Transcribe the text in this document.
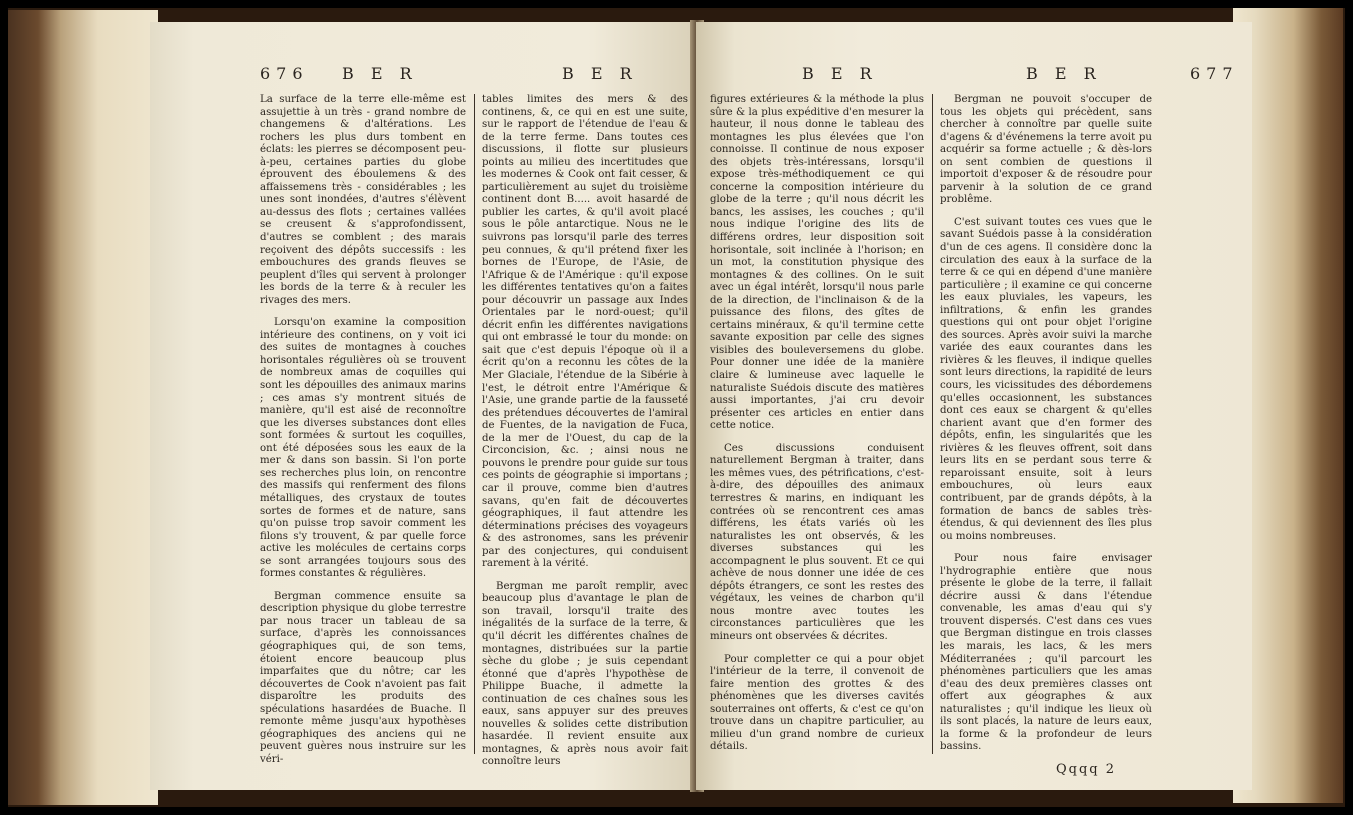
676 B E R	B E R

La surface de la terre elle-même est assujettie à un très - grand nombre de changemens & d'altérations. Les rochers les plus durs tombent en éclats: les pierres se décomposent peu-à-peu, certaines parties du globe éprouvent des éboulemens & des affaissemens très - considérables ; les unes sont inondées, d'autres s'élèvent au-dessus des flots ; certaines vallées se creusent & s'approfondissent, d'autres se comblent ; des marais reçoivent des dépôts successifs : les embouchures des grands fleuves se peuplent d'îles qui servent à prolonger les bords de la terre & à reculer les rivages des mers.

Lorsqu'on examine la composition intérieure des continens, on y voit ici des suites de montagnes à couches horisontales régulières où se trouvent de nombreux amas de coquilles qui sont les dépouilles des animaux marins ; ces amas s'y montrent situés de manière, qu'il est aisé de reconnoître que les diverses substances dont elles sont formées & surtout les coquilles, ont été déposées sous les eaux de la mer & dans son bassin. Si l'on porte ses recherches plus loin, on rencontre des massifs qui renferment des filons métalliques, des crystaux de toutes sortes de formes et de nature, sans qu'on puisse trop savoir comment les filons s'y trouvent, & par quelle force active les molécules de certains corps se sont arrangées toujours sous des formes constantes & régulières.

Bergman commence ensuite sa description physique du globe terrestre par nous tracer un tableau de sa surface, d'après les connoissances géographiques qui, de son tems, étoient encore beaucoup plus imparfaites que du nôtre; car les découvertes de Cook n'avoient pas fait disparoître les produits des spéculations hasardées de Buache. Il remonte même jusqu'aux hypothèses géographiques des anciens qui ne peuvent guères nous instruire sur les véri-

tables limites des mers & des continens, &, ce qui en est une suite, sur le rapport de l'étendue de l'eau & de la terre ferme. Dans toutes ces discussions, il flotte sur plusieurs points au milieu des incertitudes que les modernes & Cook ont fait cesser, & particulièrement au sujet du troisième continent dont B..... avoit hasardé de publier les cartes, & qu'il avoit placé sous le pôle antarctique. Nous ne le suivrons pas lorsqu'il parle des terres peu connues, & qu'il prétend fixer les bornes de l'Europe, de l'Asie, de l'Afrique & de l'Amérique : qu'il expose les différentes tentatives qu'on a faites pour découvrir un passage aux Indes Orientales par le nord-ouest; qu'il décrit enfin les différentes navigations qui ont embrassé le tour du monde: on sait que c'est depuis l'époque où il a écrit qu'on a reconnu les côtes de la Mer Glaciale, l'étendue de la Sibérie à l'est, le détroit entre l'Amérique & l'Asie, une grande partie de la fausseté des prétendues découvertes de l'amiral de Fuentes, de la navigation de Fuca, de la mer de l'Ouest, du cap de la Circoncision, &c. ; ainsi nous ne pouvons le prendre pour guide sur tous ces points de géographie si importans ; car il prouve, comme bien d'autres savans, qu'en fait de découvertes géographiques, il faut attendre les déterminations précises des voyageurs & des astronomes, sans les prévenir par des conjectures, qui conduisent rarement à la vérité.

Bergman me paroît remplir, avec beaucoup plus d'avantage le plan de son travail, lorsqu'il traite des inégalités de la surface de la terre, & qu'il décrit les différentes chaînes de montagnes, distribuées sur la partie sèche du globe ; je suis cependant étonné que d'après l'hypothèse de Philippe Buache, il admette la continuation de ces chaînes sous les eaux, sans appuyer sur des preuves nouvelles & solides cette distribution hasardée. Il revient ensuite aux montagnes, & après nous avoir fait connoître leurs

B E R	B E R	677

figures extérieures & la méthode la plus sûre & la plus expéditive d'en mesurer la hauteur, il nous donne le tableau des montagnes les plus élevées que l'on connoisse. Il continue de nous exposer des objets très-intéressans, lorsqu'il expose très-méthodiquement ce qui concerne la composition intérieure du globe de la terre ; qu'il nous décrit les bancs, les assises, les couches ; qu'il nous indique l'origine des lits de différens ordres, leur disposition soit horisontale, soit inclinée à l'horison; en un mot, la constitution physique des montagnes & des collines. On le suit avec un égal intérêt, lorsqu'il nous parle de la direction, de l'inclinaison & de la puissance des filons, des gîtes de certains minéraux, & qu'il termine cette savante exposition par celle des signes visibles des bouleversemens du globe. Pour donner une idée de la manière claire & lumineuse avec laquelle le naturaliste Suédois discute des matières aussi importantes, j'ai cru devoir présenter ces articles en entier dans cette notice.

Ces discussions conduisent naturellement Bergman à traiter, dans les mêmes vues, des pétrifications, c'est-à-dire, des dépouilles des animaux terrestres & marins, en indiquant les contrées où se rencontrent ces amas différens, les états variés où les naturalistes les ont observés, & les diverses substances qui les accompagnent le plus souvent. Et ce qui achève de nous donner une idée de ces dépôts étrangers, ce sont les restes des végétaux, les veines de charbon qu'il nous montre avec toutes les circonstances particulières que les mineurs ont observées & décrites.

Pour completter ce qui a pour objet l'intérieur de la terre, il convenoit de faire mention des grottes & des phénomènes que les diverses cavités souterraines ont offerts, & c'est ce qu'on trouve dans un chapitre particulier, au milieu d'un grand nombre de curieux détails.

Bergman ne pouvoit s'occuper de tous les objets qui précèdent, sans chercher à connoître par quelle suite d'agens & d'événemens la terre avoit pu acquérir sa forme actuelle ; & dès-lors on sent combien de questions il importoit d'exposer & de résoudre pour parvenir à la solution de ce grand problême.

C'est suivant toutes ces vues que le savant Suédois passe à la considération d'un de ces agens. Il considère donc la circulation des eaux à la surface de la terre & ce qui en dépend d'une manière particulière ; il examine ce qui concerne les eaux pluviales, les vapeurs, les infiltrations, & enfin les grandes questions qui ont pour objet l'origine des sources. Après avoir suivi la marche variée des eaux courantes dans les rivières & les fleuves, il indique quelles sont leurs directions, la rapidité de leurs cours, les vicissitudes des débordemens qu'elles occasionnent, les substances dont ces eaux se chargent & qu'elles charient avant que d'en former des dépôts, enfin, les singularités que les rivières & les fleuves offrent, soit dans leurs lits en se perdant sous terre & reparoissant ensuite, soit à leurs embouchures, où leurs eaux contribuent, par de grands dépôts, à la formation de bancs de sables très-étendus, & qui deviennent des îles plus ou moins nombreuses.

Pour nous faire envisager l'hydrographie entière que nous présente le globe de la terre, il fallait décrire aussi & dans l'étendue convenable, les amas d'eau qui s'y trouvent dispersés. C'est dans ces vues que Bergman distingue en trois classes les marais, les lacs, & les mers Méditerranées ; qu'il parcourt les phénomènes particuliers que les amas d'eau des deux premières classes ont offert aux géographes & aux naturalistes ; qu'il indique les lieux où ils sont placés, la nature de leurs eaux, la forme & la profondeur de leurs bassins.

Qqqq 2
